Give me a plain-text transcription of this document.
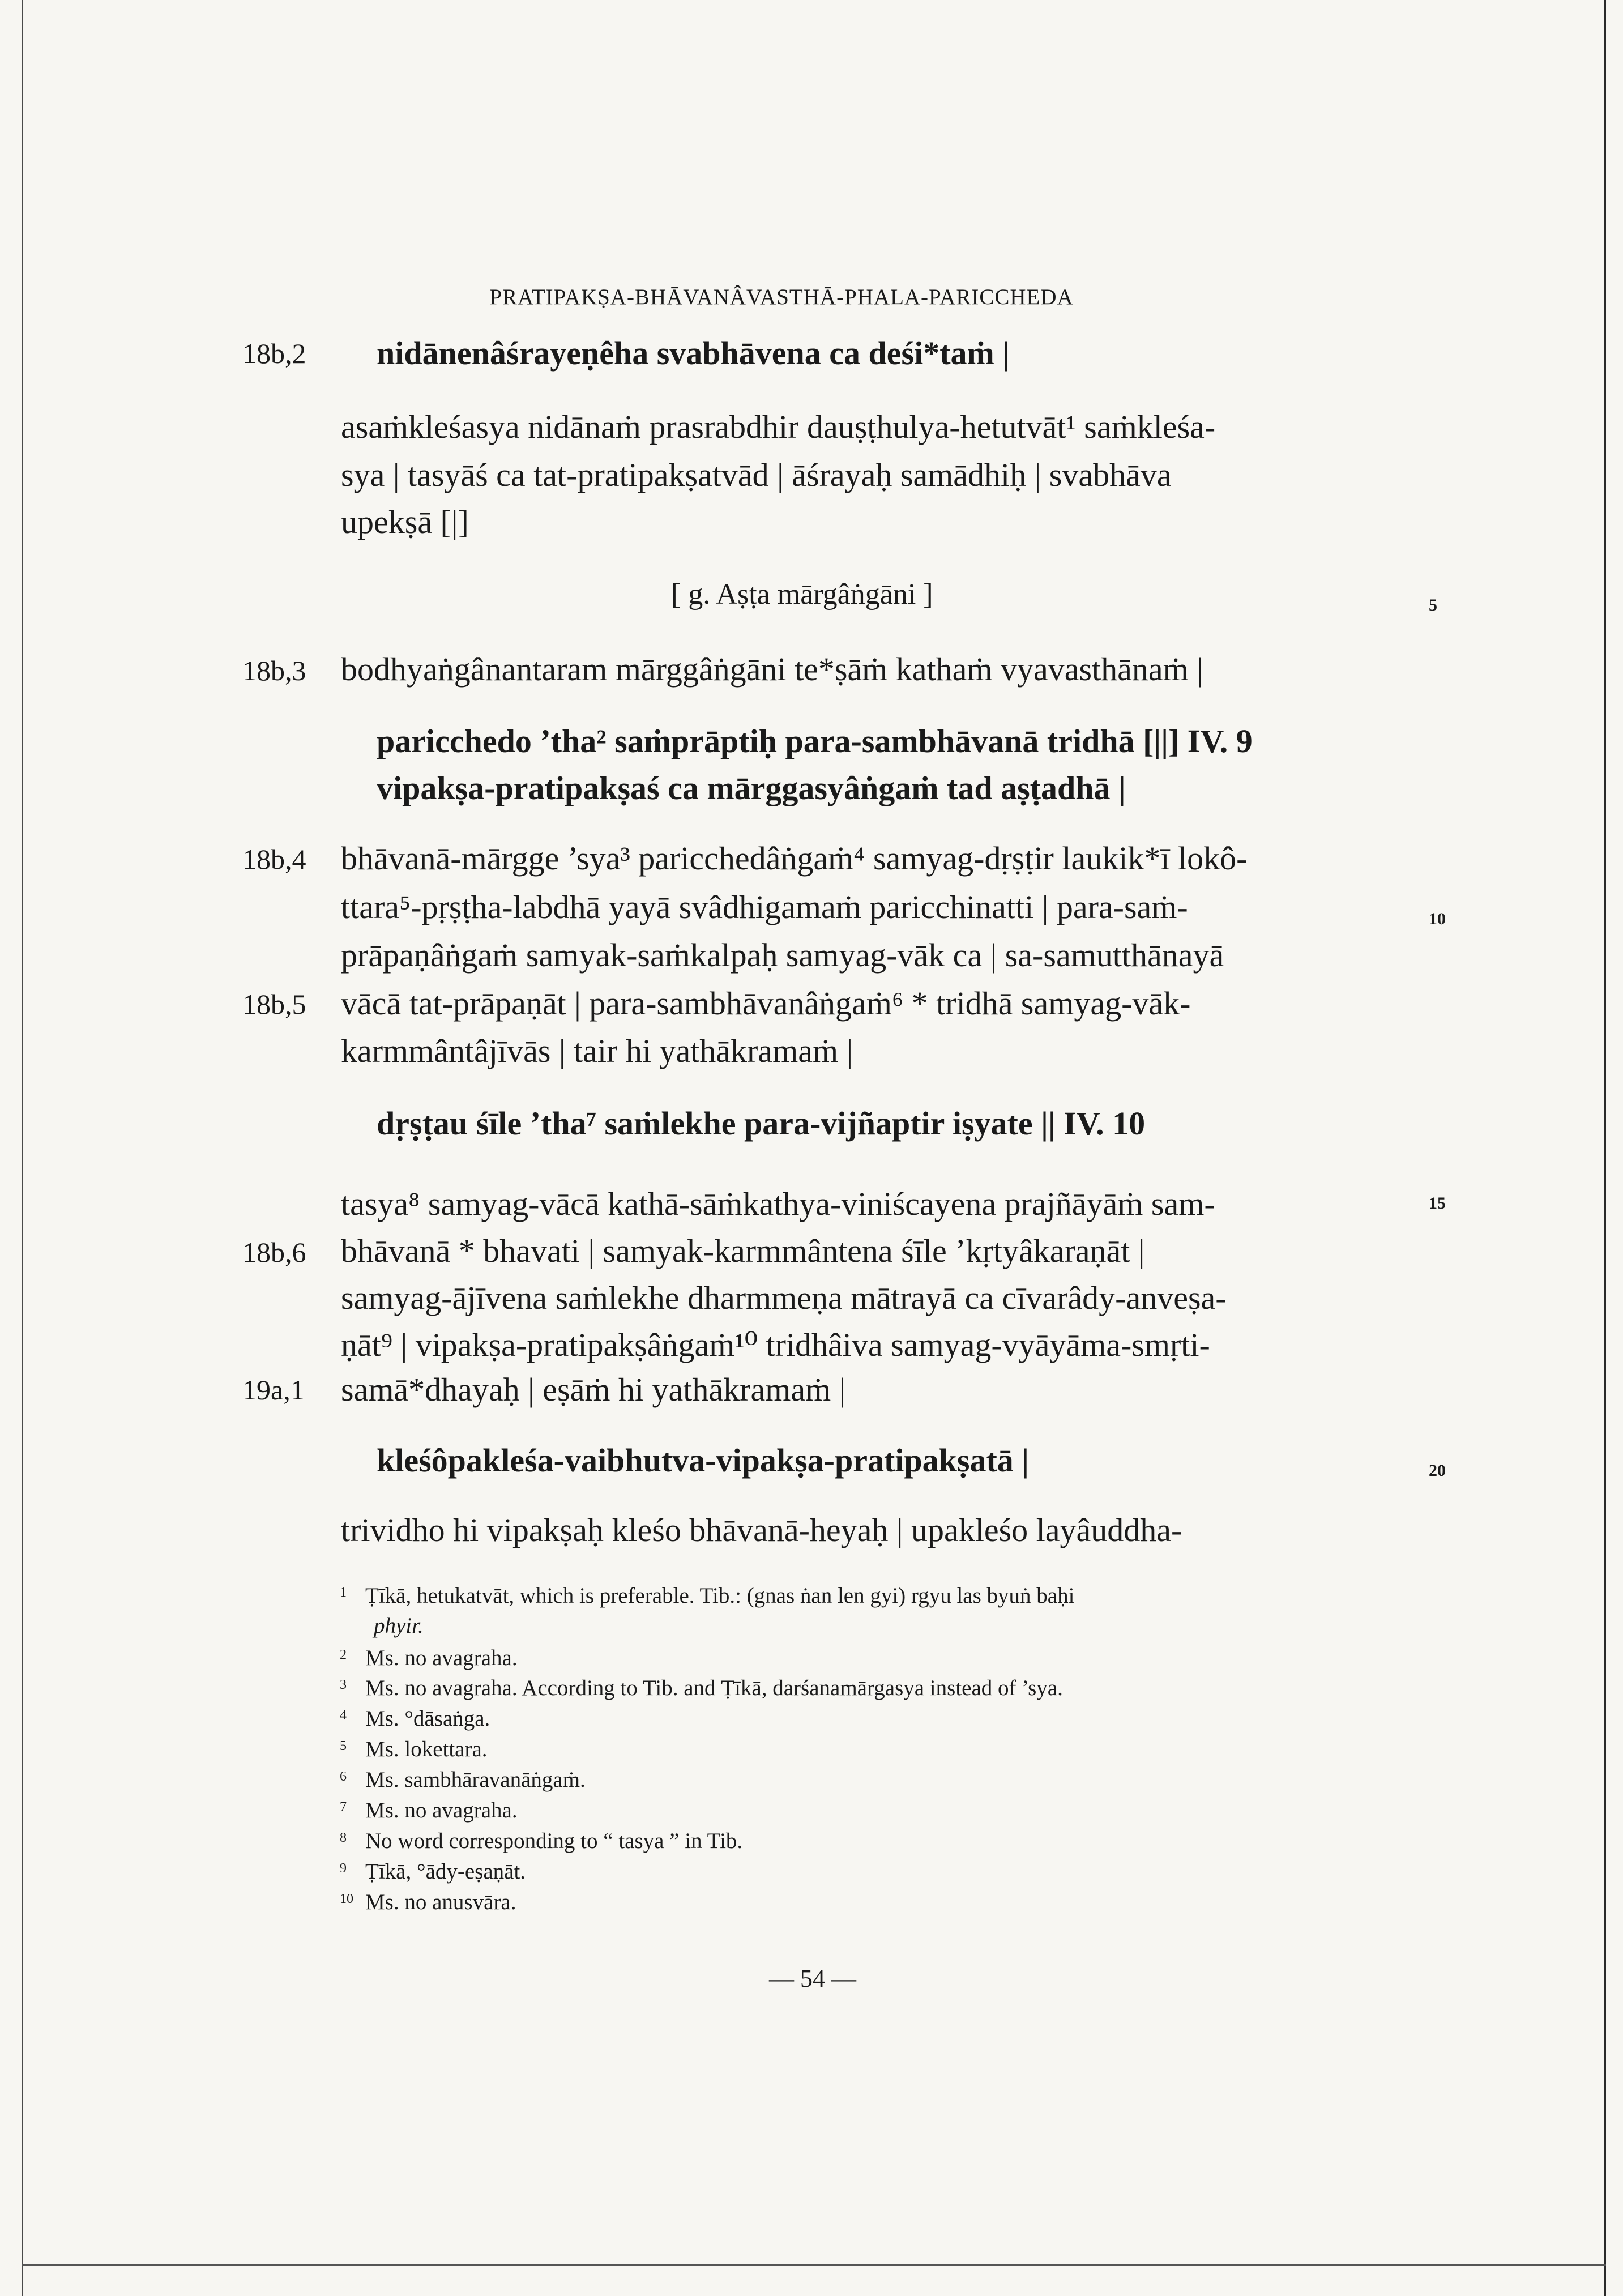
PRATIPAKṢA-BHĀVANÂVASTHĀ-PHALA-PARICCHEDA
18b,2
18b,3
18b,4
18b,5
18b,6
19a,1
5
10
15
20
nidānenâśrayeṇêha svabhāvena ca deśi*taṁ |
asaṁkleśasya nidānaṁ prasrabdhir dauṣṭhulya-hetutvāt¹ saṁkleśa-
sya | tasyāś ca tat-pratipakṣatvād | āśrayaḥ samādhiḥ | svabhāva
upekṣā [|]
[ g. Aṣṭa mārgâṅgāni ]
bodhyaṅgânantaram mārggâṅgāni te*ṣāṁ kathaṁ vyavasthānaṁ |
paricchedo ’tha² saṁprāptiḥ para-sambhāvanā tridhā [||] IV. 9
vipakṣa-pratipakṣaś ca mārggasyâṅgaṁ tad aṣṭadhā |
bhāvanā-mārgge ’sya³ paricchedâṅgaṁ⁴ samyag-dṛṣṭir laukik*ī lokô-
ttara⁵-pṛṣṭha-labdhā yayā svâdhigamaṁ paricchinatti | para-saṁ-
prāpaṇâṅgaṁ samyak-saṁkalpaḥ samyag-vāk ca | sa-samutthānayā
vācā tat-prāpaṇāt | para-sambhāvanâṅgaṁ⁶ * tridhā samyag-vāk-
karmmântâjīvās | tair hi yathākramaṁ |
dṛṣṭau śīle ’tha⁷ saṁlekhe para-vijñaptir iṣyate || IV. 10
tasya⁸ samyag-vācā kathā-sāṁkathya-viniścayena prajñāyāṁ sam-
bhāvanā * bhavati | samyak-karmmântena śīle ’kṛtyâkaraṇāt |
samyag-ājīvena saṁlekhe dharmmeṇa mātrayā ca cīvarâdy-anveṣa-
ṇāt⁹ | vipakṣa-pratipakṣâṅgaṁ¹⁰ tridhâiva samyag-vyāyāma-smṛti-
samā*dhayaḥ | eṣāṁ hi yathākramaṁ |
kleśôpakleśa-vaibhutva-vipakṣa-pratipakṣatā |
trividho hi vipakṣaḥ kleśo bhāvanā-heyaḥ | upakleśo layâuddha-
1 Ṭīkā, hetukatvāt, which is preferable. Tib.: (gnas ṅan len gyi) rgyu las byuṅ baḥi
phyir.
2 Ms. no avagraha.
3 Ms. no avagraha. According to Tib. and Ṭīkā, darśanamārgasya instead of ’sya.
4 Ms. °dāsaṅga.
5 Ms. lokettara.
6 Ms. sambhāravanāṅgaṁ.
7 Ms. no avagraha.
8 No word corresponding to “ tasya ” in Tib.
9 Ṭīkā, °ādy-eṣaṇāt.
10 Ms. no anusvāra.
— 54 —
